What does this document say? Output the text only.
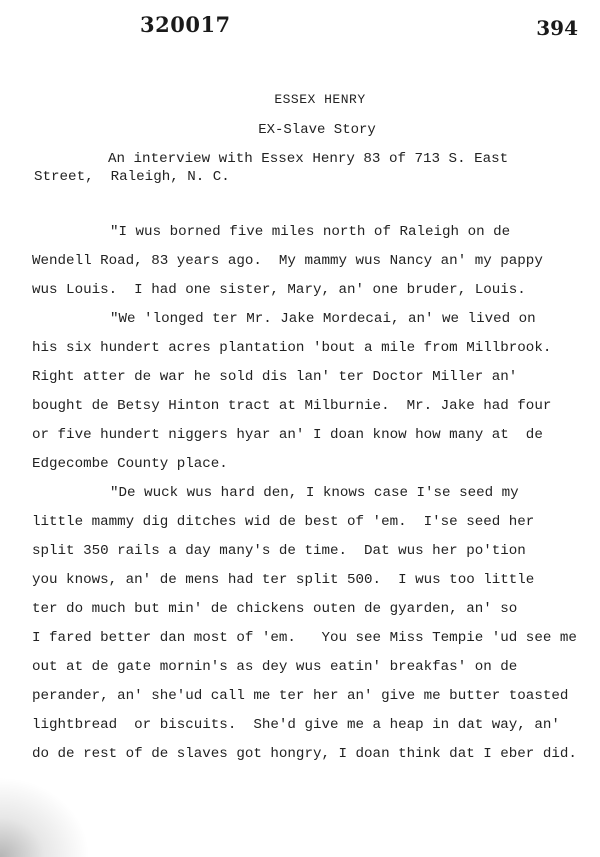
320017	394
ESSEX HENRY
EX-Slave Story
An interview with Essex Henry 83 of 713 S. East
Street,  Raleigh, N. C.
"I wus borned five miles north of Raleigh on de
Wendell Road, 83 years ago.  My mammy wus Nancy an' my pappy
wus Louis.  I had one sister, Mary, an' one bruder, Louis.
"We 'longed ter Mr. Jake Mordecai, an' we lived on
his six hundert acres plantation 'bout a mile from Millbrook.
Right atter de war he sold dis lan' ter Doctor Miller an'
bought de Betsy Hinton tract at Milburnie.  Mr. Jake had four
or five hundert niggers hyar an' I doan know how many at  de
Edgecombe County place.
"De wuck wus hard den, I knows case I'se seed my
little mammy dig ditches wid de best of 'em.  I'se seed her
split 350 rails a day many's de time.  Dat wus her po'tion
you knows, an' de mens had ter split 500.  I wus too little
ter do much but min' de chickens outen de gyarden, an' so
I fared better dan most of 'em.   You see Miss Tempie 'ud see me
out at de gate mornin's as dey wus eatin' breakfas' on de
perander, an' she'ud call me ter her an' give me butter toasted
lightbread  or biscuits.  She'd give me a heap in dat way, an'
do de rest of de slaves got hongry, I doan think dat I eber did.
